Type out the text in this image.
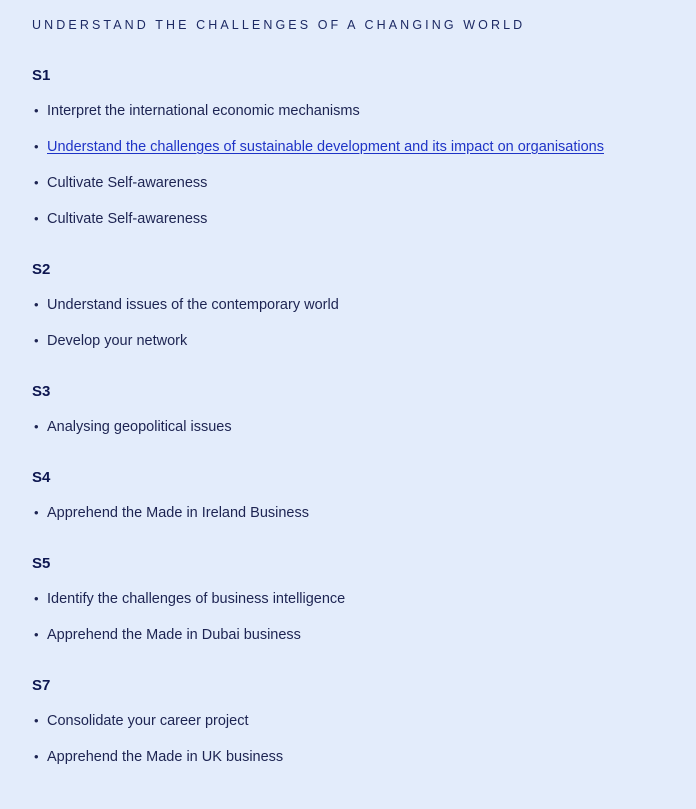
UNDERSTAND THE CHALLENGES OF A CHANGING WORLD
S1
• Interpret the international economic mechanisms
• Understand the challenges of sustainable development and its impact on organisations
• Cultivate Self-awareness
• Cultivate Self-awareness
S2
• Understand issues of the contemporary world
• Develop your network
S3
• Analysing geopolitical issues
S4
• Apprehend the Made in Ireland Business
S5
• Identify the challenges of business intelligence
• Apprehend the Made in Dubai business
S7
• Consolidate your career project
• Apprehend the Made in UK business
